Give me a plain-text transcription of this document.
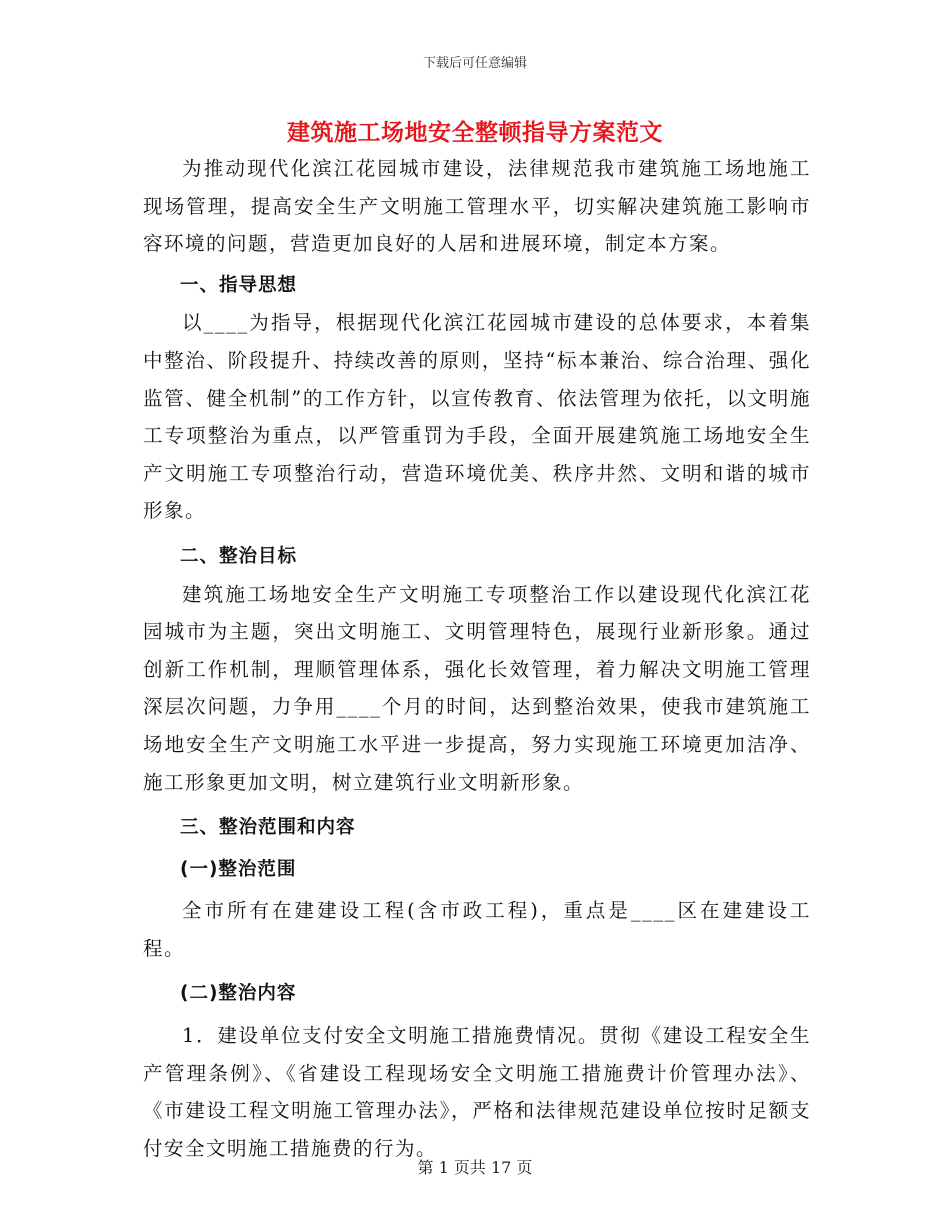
下载后可任意编辑
建筑施工场地安全整顿指导方案范文

为推动现代化滨江花园城市建设，法律规范我市建筑施工场地施工现场管理，提高安全生产文明施工管理水平，切实解决建筑施工影响市容环境的问题，营造更加良好的人居和进展环境，制定本方案。

一、指导思想

以____为指导，根据现代化滨江花园城市建设的总体要求，本着集中整治、阶段提升、持续改善的原则，坚持“标本兼治、综合治理、强化监管、健全机制”的工作方针，以宣传教育、依法管理为依托，以文明施工专项整治为重点，以严管重罚为手段，全面开展建筑施工场地安全生产文明施工专项整治行动，营造环境优美、秩序井然、文明和谐的城市形象。

二、整治目标

建筑施工场地安全生产文明施工专项整治工作以建设现代化滨江花园城市为主题，突出文明施工、文明管理特色，展现行业新形象。通过创新工作机制，理顺管理体系，强化长效管理，着力解决文明施工管理深层次问题，力争用____个月的时间，达到整治效果，使我市建筑施工场地安全生产文明施工水平进一步提高，努力实现施工环境更加洁净、施工形象更加文明，树立建筑行业文明新形象。

三、整治范围和内容

(一)整治范围

全市所有在建建设工程(含市政工程)，重点是____区在建建设工程。

(二)整治内容

1．建设单位支付安全文明施工措施费情况。贯彻《建设工程安全生产管理条例》、《省建设工程现场安全文明施工措施费计价管理办法》、《市建设工程文明施工管理办法》，严格和法律规范建设单位按时足额支付安全文明施工措施费的行为。

第 1 页共 17 页
